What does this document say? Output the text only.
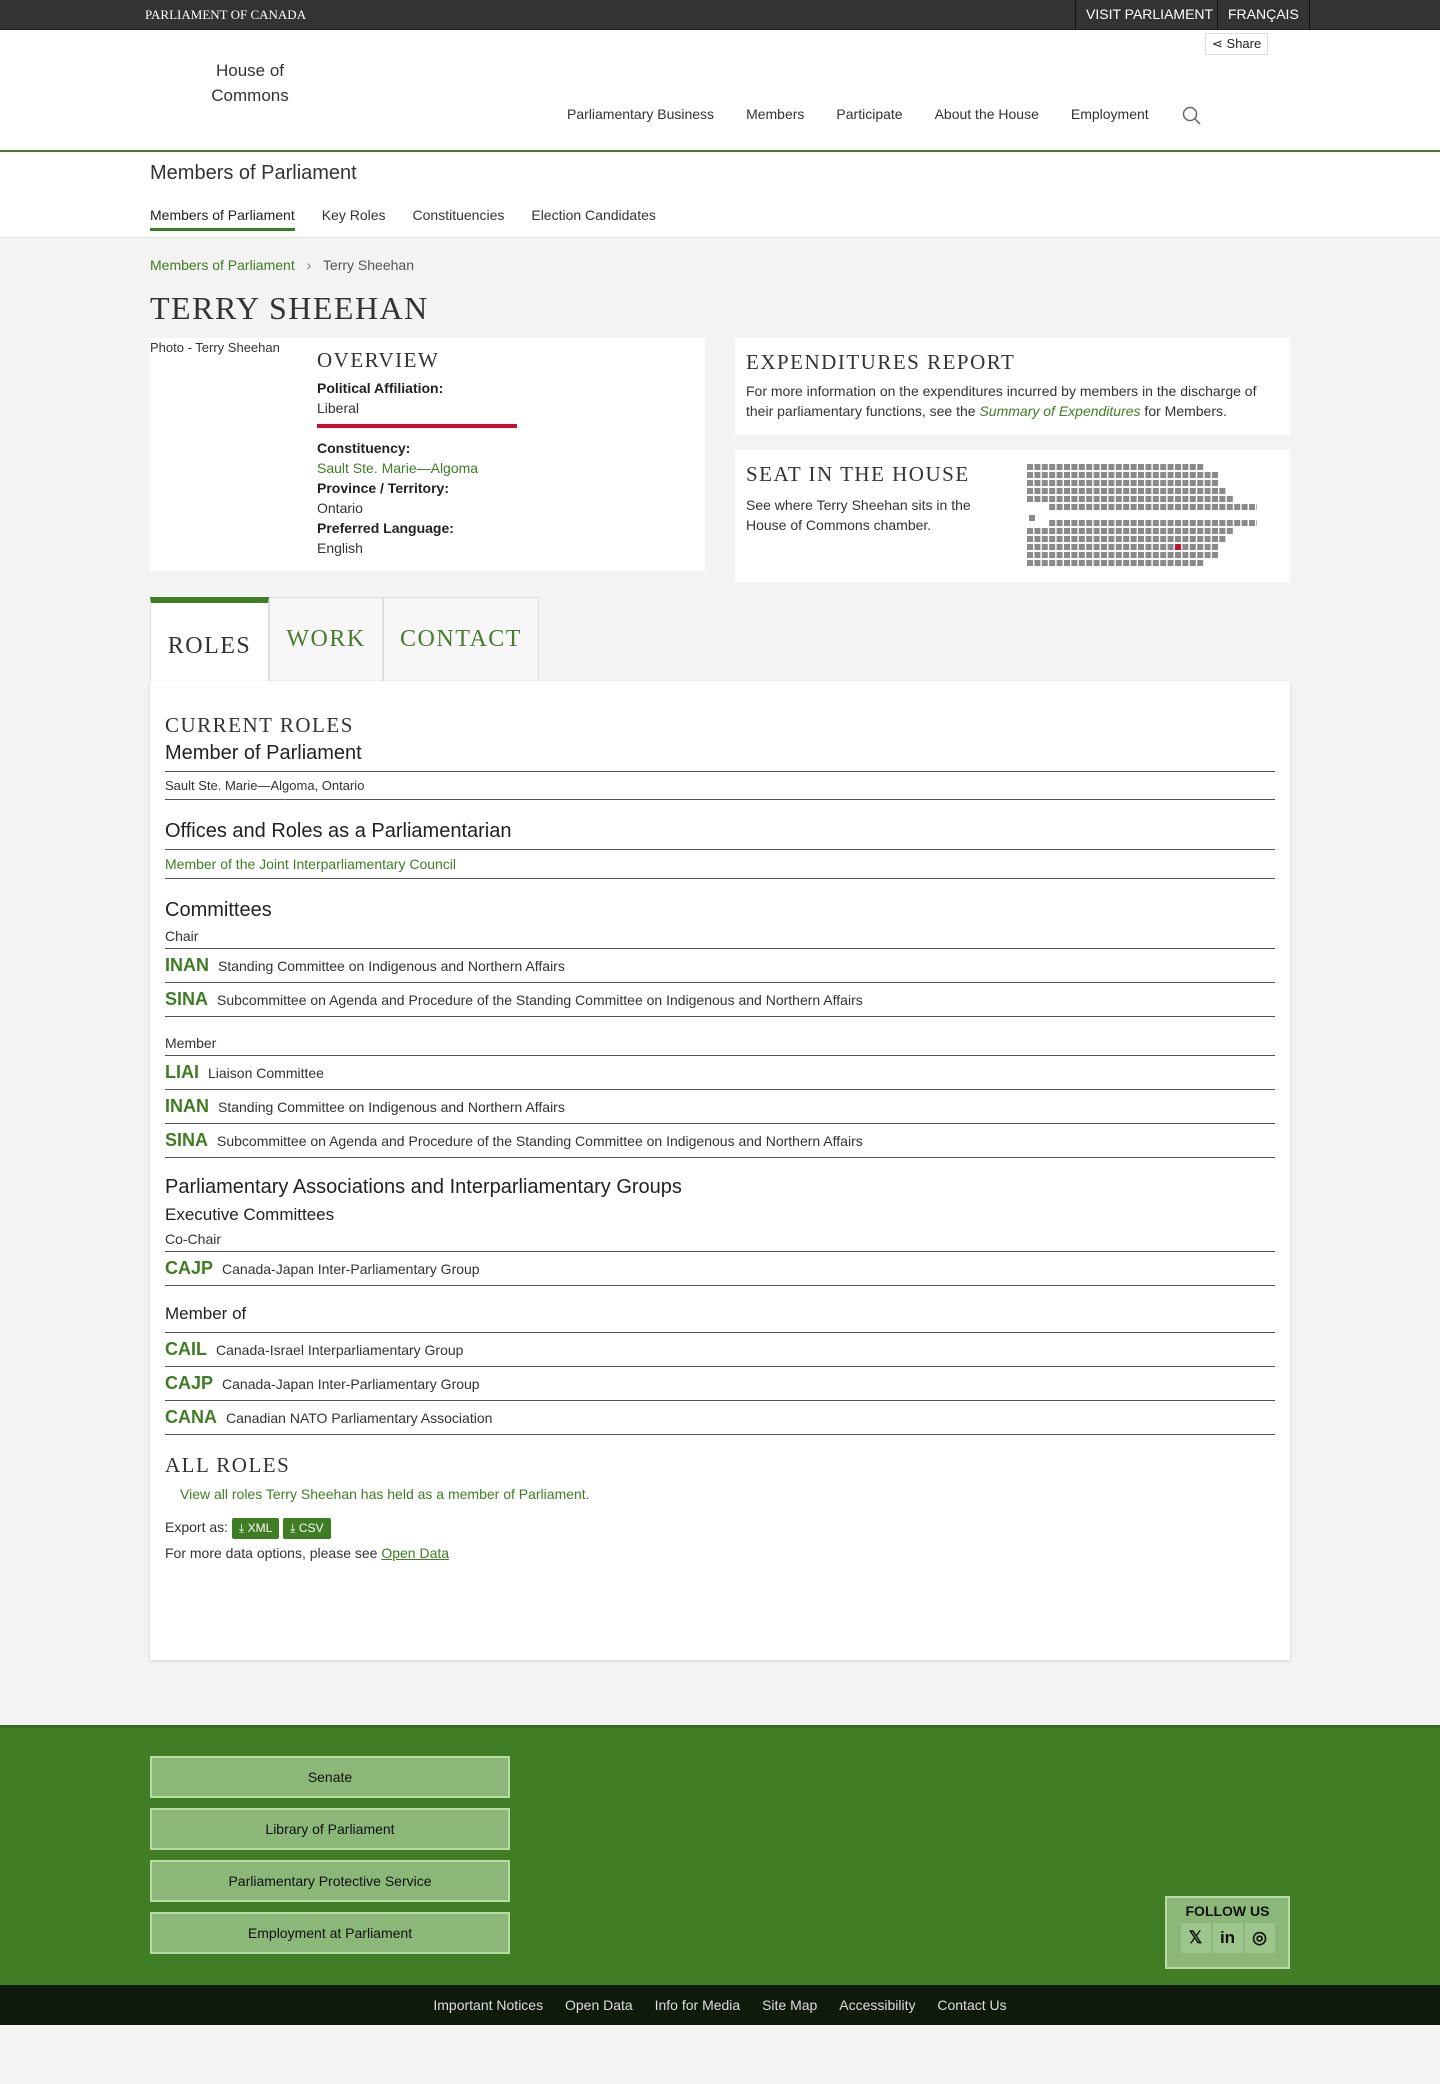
PARLIAMENT OF CANADA	VISIT PARLIAMENT	FRANÇAIS
⋖ Share
House of Commons
Parliamentary Business Members Participate About the House Employment
Members of Parliament
Members of Parliament Key Roles Constituencies Election Candidates
Members of Parliament › Terry Sheehan
TERRY SHEEHAN
Photo - Terry Sheehan
OVERVIEW
Political Affiliation:
Liberal
Constituency:
Sault Ste. Marie—Algoma
Province / Territory:
Ontario
Preferred Language:
English
EXPENDITURES REPORT

For more information on the expenditures incurred by members in the discharge of their parliamentary functions, see the Summary of Expenditures for Members.

SEAT IN THE HOUSE

See where Terry Sheehan sits in the House of Commons chamber.

ROLES	WORK	CONTACT
CURRENT ROLES
Member of Parliament
Sault Ste. Marie—Algoma, Ontario
Offices and Roles as a Parliamentarian
Member of the Joint Interparliamentary Council
Committees
Chair
INAN Standing Committee on Indigenous and Northern Affairs
SINA Subcommittee on Agenda and Procedure of the Standing Committee on Indigenous and Northern Affairs
Member
LIAI Liaison Committee
INAN Standing Committee on Indigenous and Northern Affairs
SINA Subcommittee on Agenda and Procedure of the Standing Committee on Indigenous and Northern Affairs
Parliamentary Associations and Interparliamentary Groups
Executive Committees
Co-Chair
CAJP Canada-Japan Inter-Parliamentary Group
Member of
CAIL Canada-Israel Interparliamentary Group
CAJP Canada-Japan Inter-Parliamentary Group
CANA Canadian NATO Parliamentary Association
ALL ROLES
View all roles Terry Sheehan has held as a member of Parliament.
Export as: ⤓ XML ⤓ CSV
For more data options, please see Open Data
Senate
Library of Parliament
Parliamentary Protective Service
Employment at Parliament
FOLLOW US
𝕏 in ◎
Important Notices Open Data Info for Media Site Map Accessibility Contact Us
